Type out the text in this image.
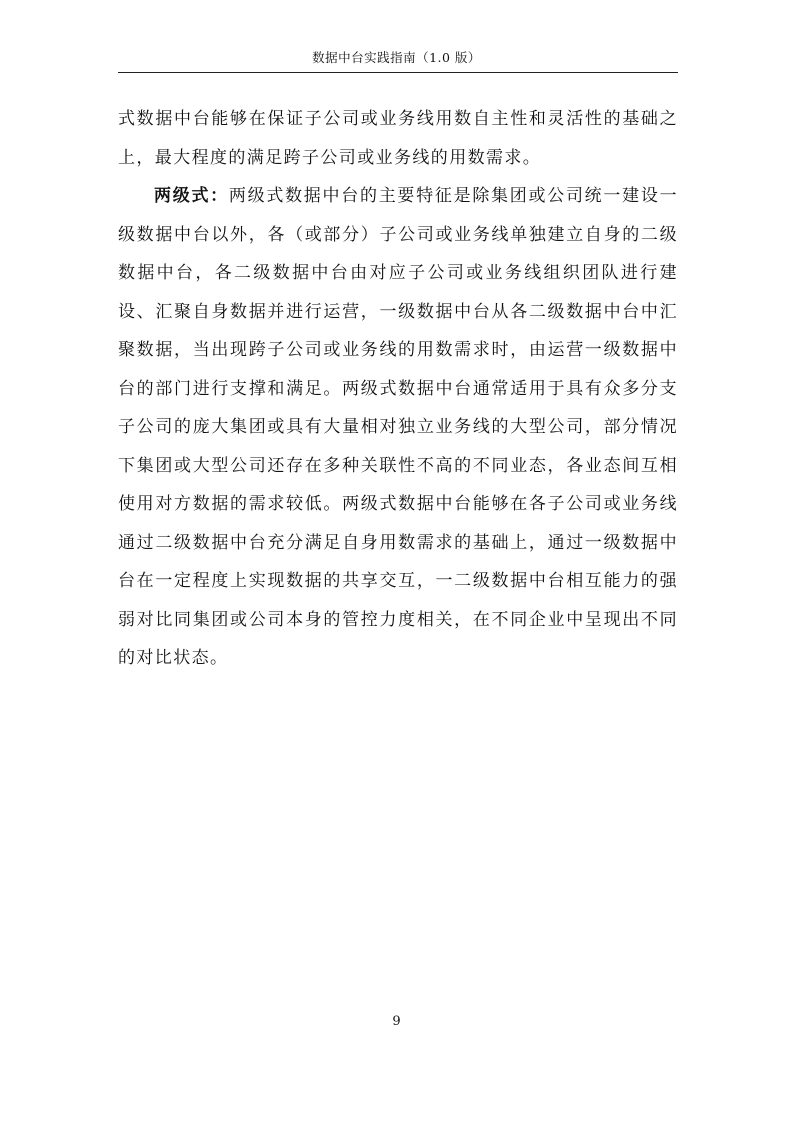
数据中台实践指南（1.0 版）

式数据中台能够在保证子公司或业务线用数自主性和灵活性的基础之上，最大程度的满足跨子公司或业务线的用数需求。

两级式：两级式数据中台的主要特征是除集团或公司统一建设一级数据中台以外，各（或部分）子公司或业务线单独建立自身的二级数据中台，各二级数据中台由对应子公司或业务线组织团队进行建设、汇聚自身数据并进行运营，一级数据中台从各二级数据中台中汇聚数据，当出现跨子公司或业务线的用数需求时，由运营一级数据中台的部门进行支撑和满足。两级式数据中台通常适用于具有众多分支子公司的庞大集团或具有大量相对独立业务线的大型公司，部分情况下集团或大型公司还存在多种关联性不高的不同业态，各业态间互相使用对方数据的需求较低。两级式数据中台能够在各子公司或业务线通过二级数据中台充分满足自身用数需求的基础上，通过一级数据中台在一定程度上实现数据的共享交互，一二级数据中台相互能力的强弱对比同集团或公司本身的管控力度相关，在不同企业中呈现出不同的对比状态。

9
